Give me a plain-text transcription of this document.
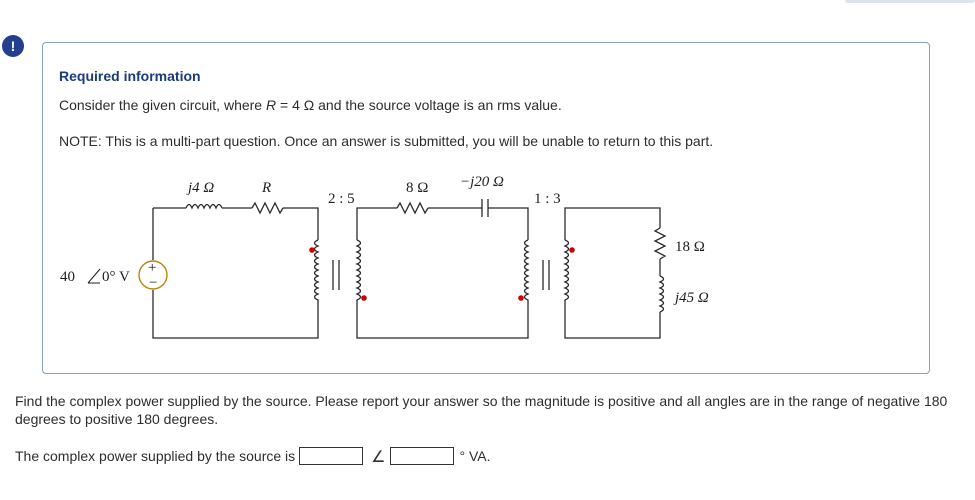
!
Required information
Consider the given circuit, where R = 4 Ω and the source voltage is an rms value.
NOTE: This is a multi-part question. Once an answer is submitted, you will be unable to return to this part.
+
−
40 0° V
j4 Ω	R
2 : 5
8 Ω −j20 Ω
1 : 3
18 Ω
j45 Ω
Find the complex power supplied by the source. Please report your answer so the magnitude is positive and all angles are in the range of negative 180 degrees to positive 180 degrees.
The complex power supplied by the source is	∠	° VA.
